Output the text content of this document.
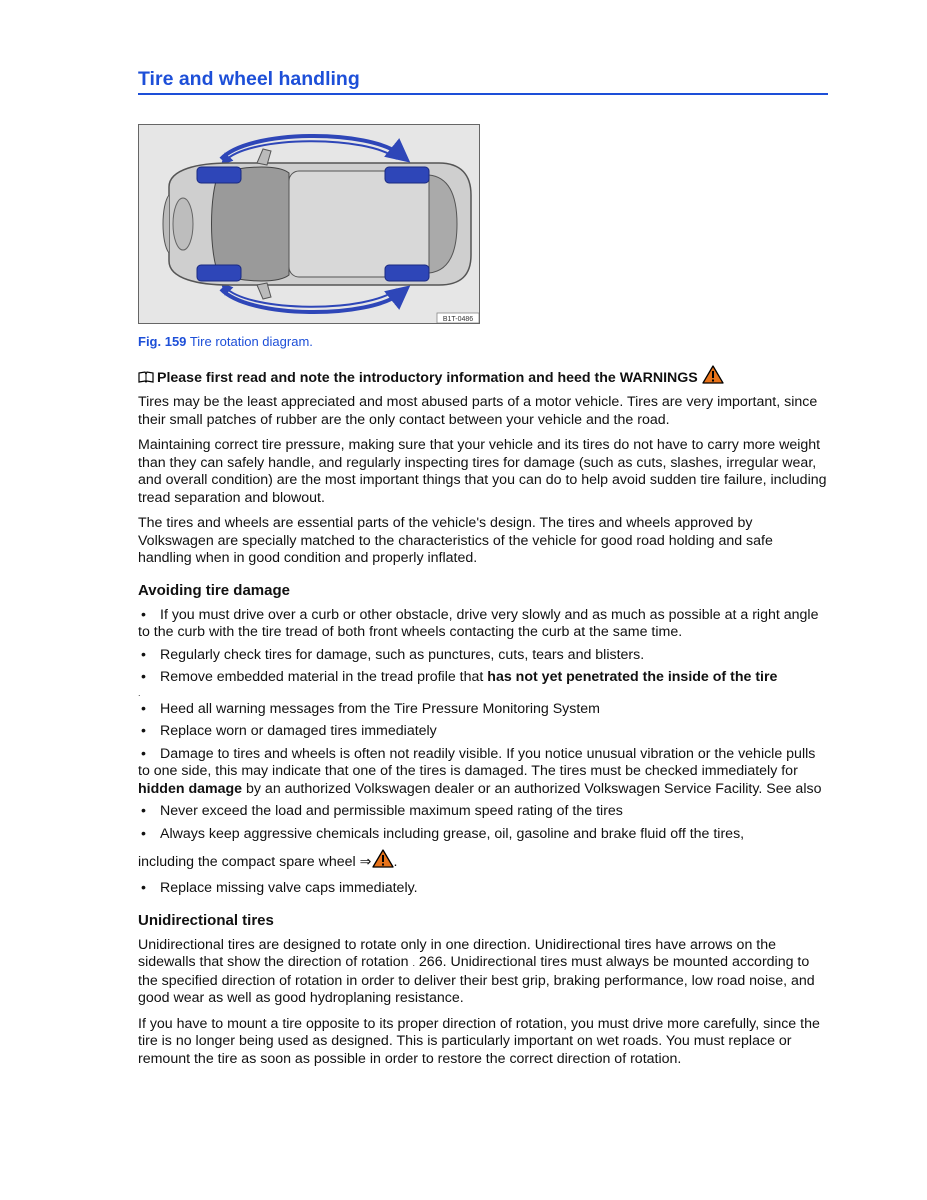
Tire and wheel handling
B1T-0486
Fig. 159 Tire rotation diagram.
Please first read and note the introductory information and heed the WARNINGS

Tires may be the least appreciated and most abused parts of a motor vehicle. Tires are very important, since their small patches of rubber are the only contact between your vehicle and the road.

Maintaining correct tire pressure, making sure that your vehicle and its tires do not have to carry more weight than they can safely handle, and regularly inspecting tires for damage (such as cuts, slashes, irregular wear, and overall condition) are the most important things that you can do to help avoid sudden tire failure, including tread separation and blowout.

The tires and wheels are essential parts of the vehicle's design. The tires and wheels approved by Volkswagen are specially matched to the characteristics of the vehicle for good road holding and safe handling when in good condition and properly inflated.

Avoiding tire damage
• If you must drive over a curb or other obstacle, drive very slowly and as much as possible at a right angle to the curb with the tire tread of both front wheels contacting the curb at the same time.
• Regularly check tires for damage, such as punctures, cuts, tears and blisters.
• Remove embedded material in the tread profile that has not yet penetrated the inside of the tire
.
• Heed all warning messages from the Tire Pressure Monitoring System
• Replace worn or damaged tires immediately
• Damage to tires and wheels is often not readily visible. If you notice unusual vibration or the vehicle pulls to one side, this may indicate that one of the tires is damaged. The tires must be checked immediately for hidden damage by an authorized Volkswagen dealer or an authorized Volkswagen Service Facility. See also
• Never exceed the load and permissible maximum speed rating of the tires
• Always keep aggressive chemicals including grease, oil, gasoline and brake fluid off the tires,
including the compact spare wheel ⇒ .
• Replace missing valve caps immediately.
Unidirectional tires

Unidirectional tires are designed to rotate only in one direction. Unidirectional tires have arrows on the sidewalls that show the direction of rotation . 266. Unidirectional tires must always be mounted according to the specified direction of rotation in order to deliver their best grip, braking performance, low road noise, and good wear as well as good hydroplaning resistance.

If you have to mount a tire opposite to its proper direction of rotation, you must drive more carefully, since the tire is no longer being used as designed. This is particularly important on wet roads. You must replace or remount the tire as soon as possible in order to restore the correct direction of rotation.
